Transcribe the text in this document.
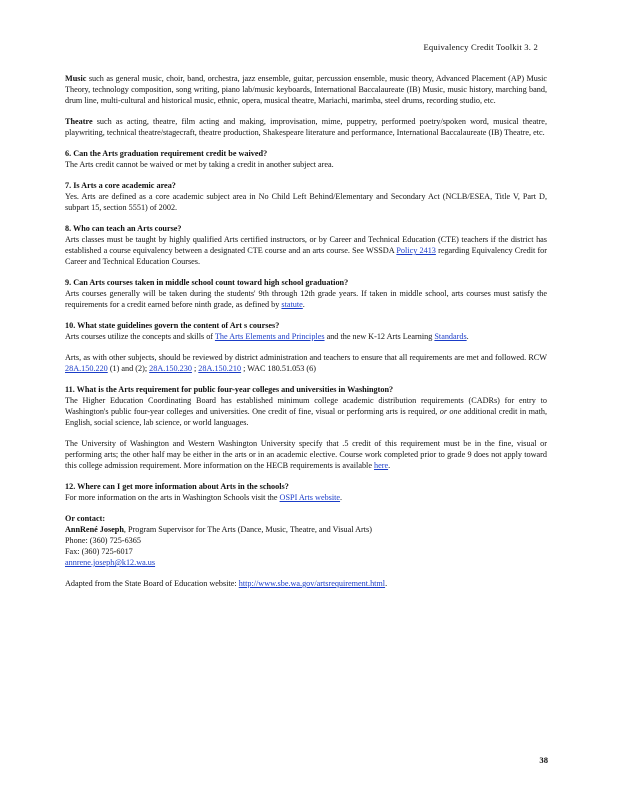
Equivalency Credit Toolkit 3. 2

Music such as general music, choir, band, orchestra, jazz ensemble, guitar, percussion ensemble, music theory, Advanced Placement (AP) Music Theory, technology composition, song writing, piano lab/music keyboards, International Baccalaureate (IB) Music, music history, marching band, drum line, multi-cultural and historical music, ethnic, opera, musical theatre, Mariachi, marimba, steel drums, recording studio, etc.

Theatre such as acting, theatre, film acting and making, improvisation, mime, puppetry, performed poetry/spoken word, musical theatre, playwriting, technical theatre/stagecraft, theatre production, Shakespeare literature and performance, International Baccalaureate (IB) Theatre, etc.

6. Can the Arts graduation requirement credit be waived?

The Arts credit cannot be waived or met by taking a credit in another subject area.

7. Is Arts a core academic area?

Yes. Arts are defined as a core academic subject area in No Child Left Behind/Elementary and Secondary Act (NCLB/ESEA, Title V, Part D, subpart 15, section 5551) of 2002.

8. Who can teach an Arts course?

Arts classes must be taught by highly qualified Arts certified instructors, or by Career and Technical Education (CTE) teachers if the district has established a course equivalency between a designated CTE course and an arts course. See WSSDA Policy 2413 regarding Equivalency Credit for Career and Technical Education Courses.

9. Can Arts courses taken in middle school count toward high school graduation?

Arts courses generally will be taken during the students' 9th through 12th grade years. If taken in middle school, arts courses must satisfy the requirements for a credit earned before ninth grade, as defined by statute.

10. What state guidelines govern the content of Art s courses?

Arts courses utilize the concepts and skills of The Arts Elements and Principles and the new K-12 Arts Learning Standards.

Arts, as with other subjects, should be reviewed by district administration and teachers to ensure that all requirements are met and followed. RCW 28A.150.220 (1) and (2); 28A.150.230 ; 28A.150.210 ; WAC 180.51.053 (6)

11. What is the Arts requirement for public four-year colleges and universities in Washington?

The Higher Education Coordinating Board has established minimum college academic distribution requirements (CADRs) for entry to Washington's public four-year colleges and universities. One credit of fine, visual or performing arts is required, or one additional credit in math, English, social science, lab science, or world languages.

The University of Washington and Western Washington University specify that .5 credit of this requirement must be in the fine, visual or performing arts; the other half may be either in the arts or in an academic elective. Course work completed prior to grade 9 does not apply toward this college admission requirement. More information on the HECB requirements is available here.

12. Where can I get more information about Arts in the schools?

For more information on the arts in Washington Schools visit the OSPI Arts website.

Or contact:

AnnRené Joseph, Program Supervisor for The Arts (Dance, Music, Theatre, and Visual Arts)

Phone: (360) 725-6365

Fax: (360) 725-6017

annrene.joseph@k12.wa.us

Adapted from the State Board of Education website: http://www.sbe.wa.gov/artsrequirement.html.

38
